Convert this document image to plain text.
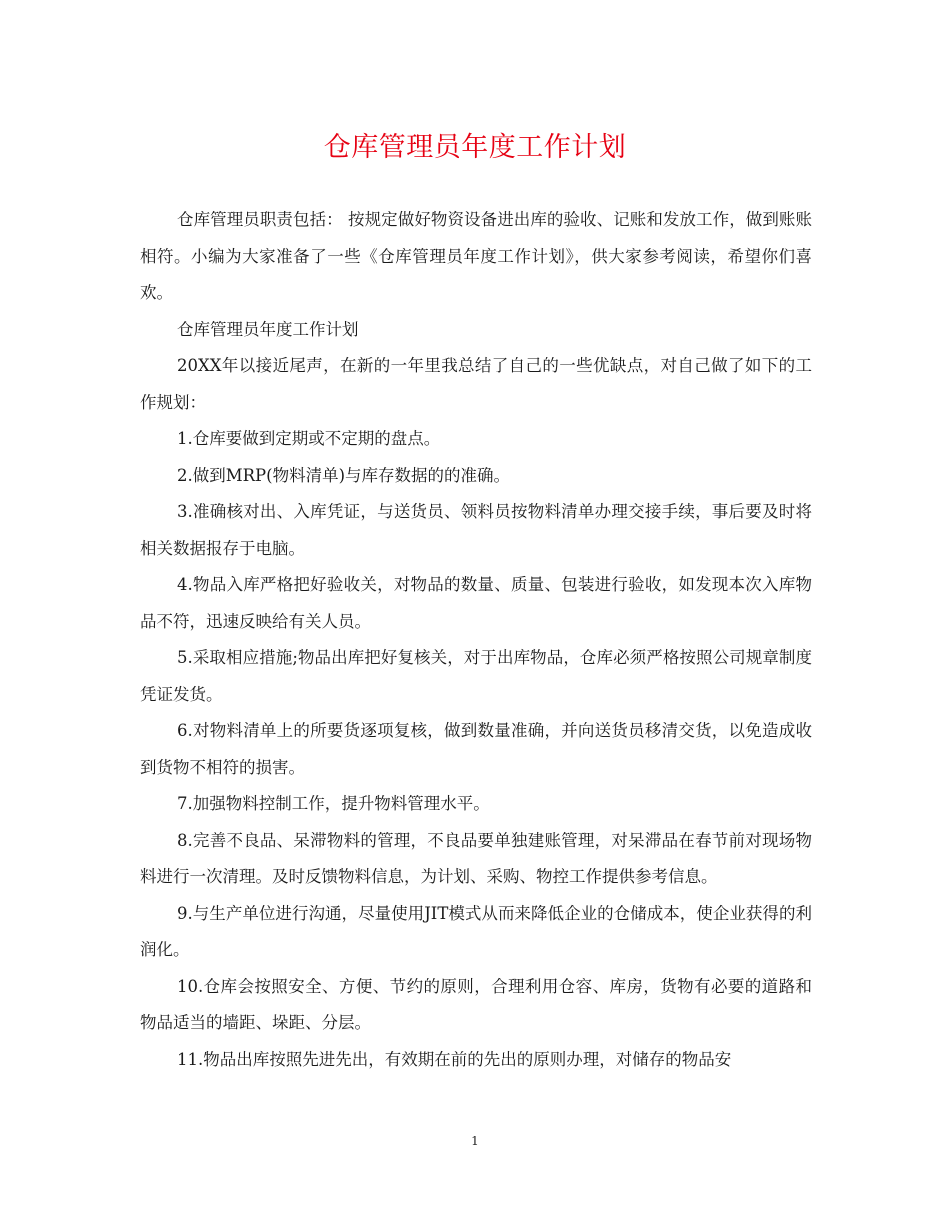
仓库管理员年度工作计划

仓库管理员职责包括： 按规定做好物资设备进出库的验收、记账和发放工作，做到账账相符。小编为大家准备了一些《仓库管理员年度工作计划》，供大家参考阅读，希望你们喜欢。

仓库管理员年度工作计划

20XX年以接近尾声，在新的一年里我总结了自己的一些优缺点，对自己做了如下的工作规划：

1.仓库要做到定期或不定期的盘点。

2.做到MRP(物料清单)与库存数据的的准确。

3.准确核对出、入库凭证，与送货员、领料员按物料清单办理交接手续，事后要及时将相关数据报存于电脑。

4.物品入库严格把好验收关，对物品的数量、质量、包装进行验收，如发现本次入库物品不符，迅速反映给有关人员。

5.采取相应措施;物品出库把好复核关，对于出库物品，仓库必须严格按照公司规章制度凭证发货。

6.对物料清单上的所要货逐项复核，做到数量准确，并向送货员移清交货，以免造成收到货物不相符的损害。

7.加强物料控制工作，提升物料管理水平。

8.完善不良品、呆滞物料的管理，不良品要单独建账管理，对呆滞品在春节前对现场物料进行一次清理。及时反馈物料信息，为计划、采购、物控工作提供参考信息。

9.与生产单位进行沟通，尽量使用JIT模式从而来降低企业的仓储成本，使企业获得的利润化。

10.仓库会按照安全、方便、节约的原则，合理利用仓容、库房，货物有必要的道路和物品适当的墙距、垛距、分层。

11.物品出库按照先进先出，有效期在前的先出的原则办理，对储存的物品安

1
